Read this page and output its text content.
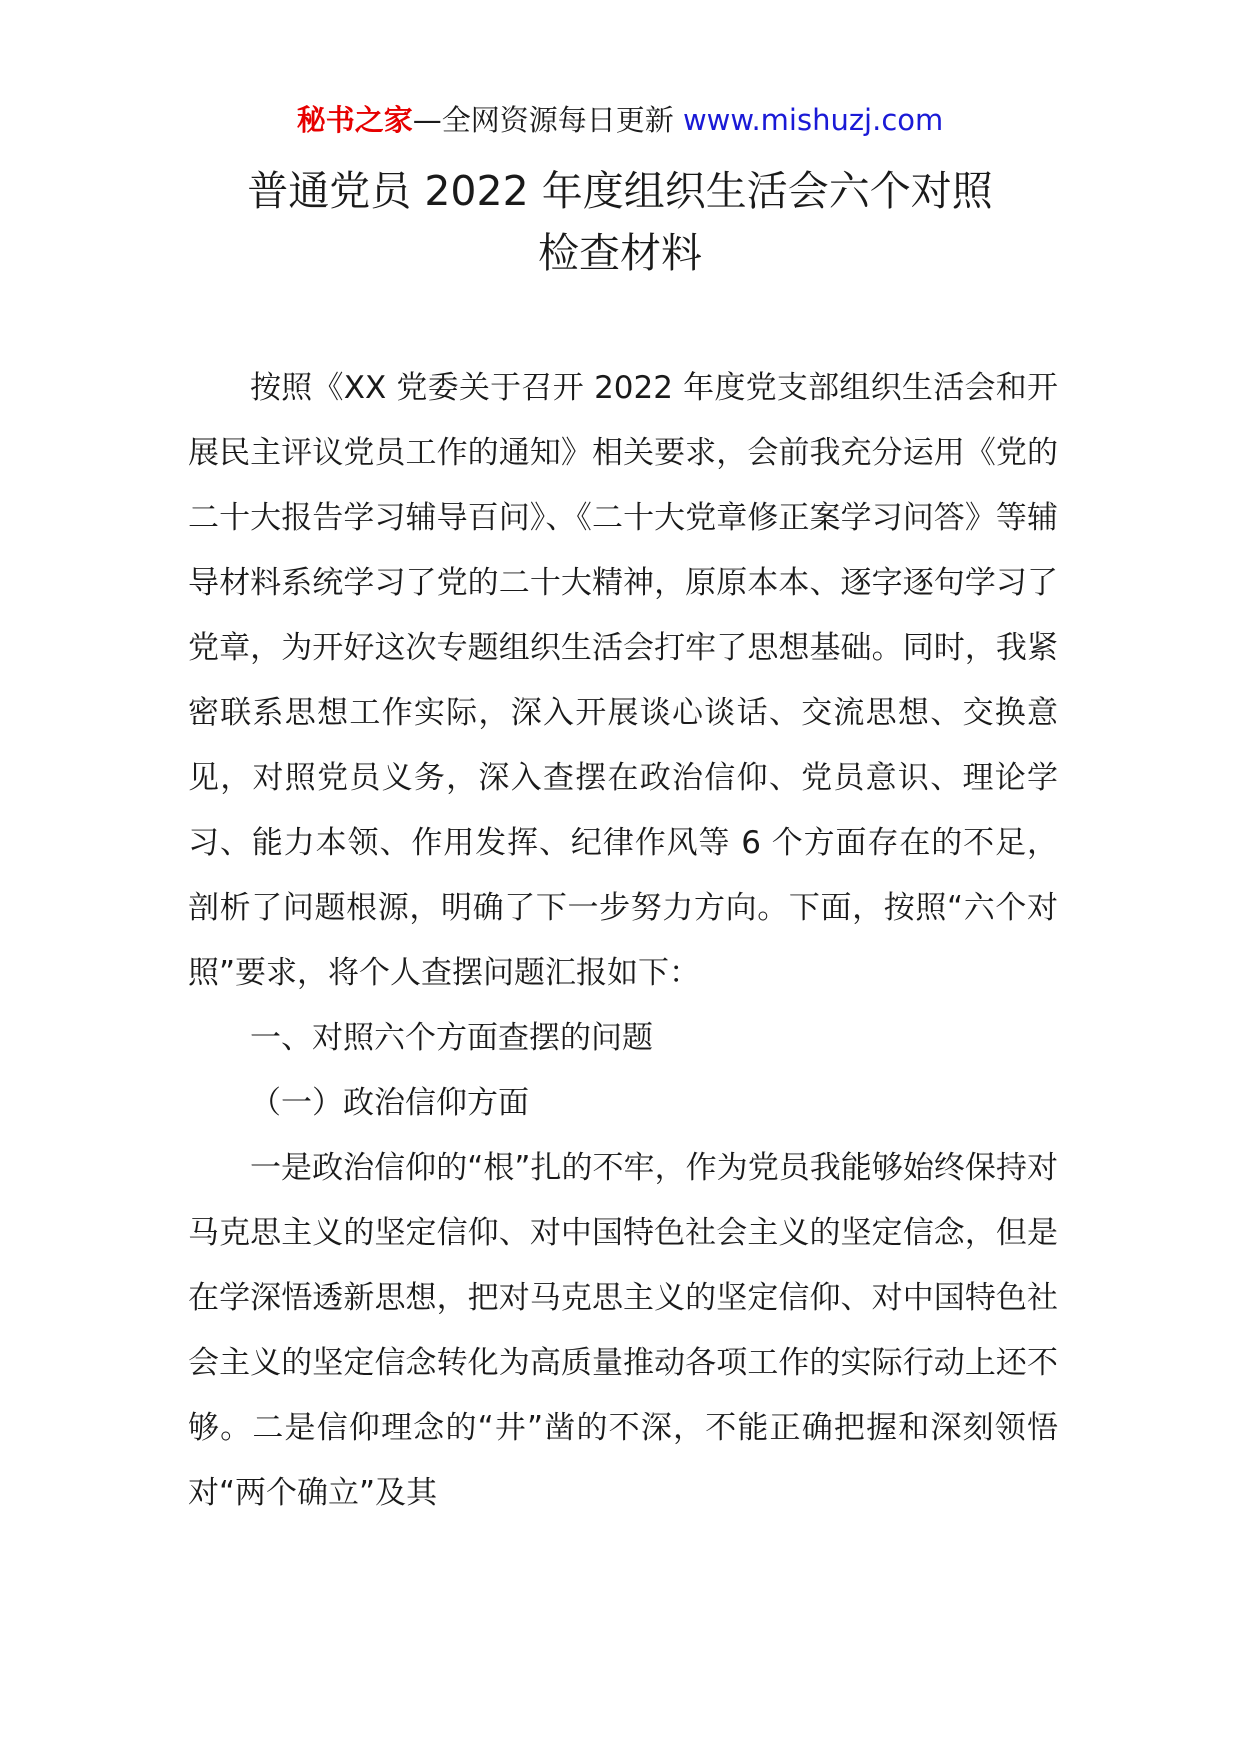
秘书之家—全网资源每日更新 www.mishuzj.com
普通党员 2022 年度组织生活会六个对照
检查材料

按照《XX 党委关于召开 2022 年度党支部组织生活会和开展民主评议党员工作的通知》相关要求，会前我充分运用《党的二十大报告学习辅导百问》、《二十大党章修正案学习问答》等辅导材料系统学习了党的二十大精神，原原本本、逐字逐句学习了党章，为开好这次专题组织生活会打牢了思想基础。同时，我紧密联系思想工作实际，深入开展谈心谈话、交流思想、交换意见，对照党员义务，深入查摆在政治信仰、党员意识、理论学习、能力本领、作用发挥、纪律作风等 6 个方面存在的不足，剖析了问题根源，明确了下一步努力方向。下面，按照“六个对照”要求，将个人查摆问题汇报如下：

一、对照六个方面查摆的问题

（一）政治信仰方面

一是政治信仰的“根”扎的不牢，作为党员我能够始终保持对马克思主义的坚定信仰、对中国特色社会主义的坚定信念，但是在学深悟透新思想，把对马克思主义的坚定信仰、对中国特色社会主义的坚定信念转化为高质量推动各项工作的实际行动上还不够。二是信仰理念的“井”凿的不深，不能正确把握和深刻领悟对“两个确立”及其
